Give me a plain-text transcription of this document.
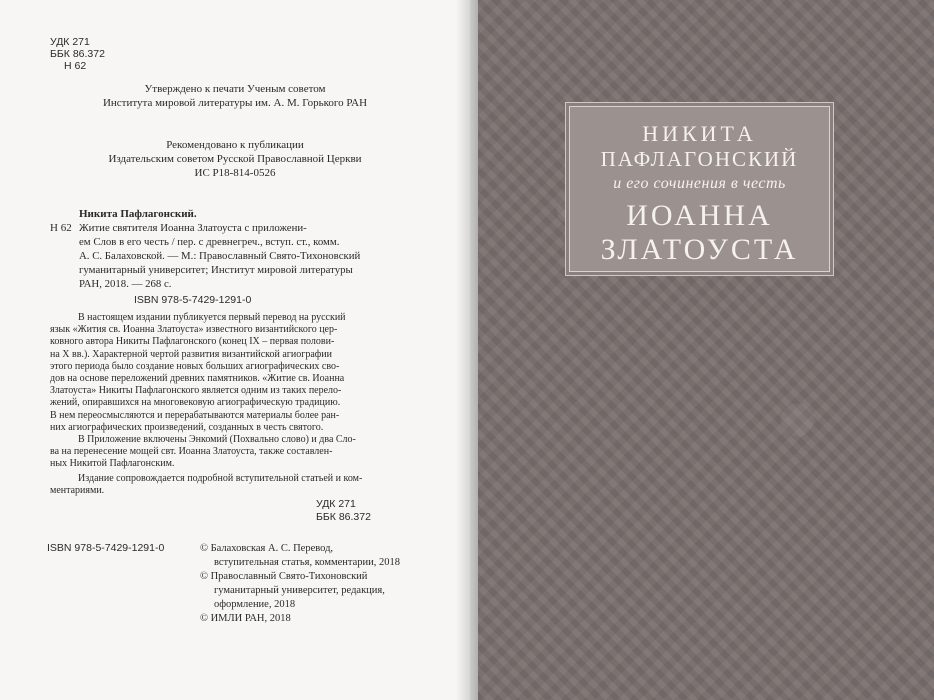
УДК 271
ББК 86.372
Н 62
Утверждено к печати Ученым советом
Института мировой литературы им. А. М. Горького РАН
Рекомендовано к публикации
Издательским советом Русской Православной Церкви
ИС Р18-814-0526
Никита Пафлагонский.
Н 62 Житие святителя Иоанна Златоуста с приложени-
ем Слов в его честь / пер. с древнегреч., вступ. ст., комм.
А. С. Балаховской. — М.: Православный Свято-Тихоновский
гуманитарный университет; Институт мировой литературы
РАН, 2018. — 268 с.
ISBN 978-5-7429-1291-0
В настоящем издании публикуется первый перевод на русский
язык «Жития св. Иоанна Златоуста» известного византийского цер-
ковного автора Никиты Пафлагонского (конец IX – первая полови-
на X вв.). Характерной чертой развития византийской агиографии
этого периода было создание новых больших агиографических сво-
дов на основе переложений древних памятников. «Житие св. Иоанна
Златоуста» Никиты Пафлагонского является одним из таких перело-
жений, опиравшихся на многовековую агиографическую традицию.
В нем переосмысляются и перерабатываются материалы более ран-
них агиографических произведений, созданных в честь святого.
В Приложение включены Энкомий (Похвально слово) и два Сло-
ва на перенесение мощей свт. Иоанна Златоуста, также составлен-
ных Никитой Пафлагонским.
Издание сопровождается подробной вступительной статьей и ком-
ментариями.
УДК 271
ББК 86.372
ISBN 978-5-7429-1291-0	© Балаховская А. С. Перевод,
вступительная статья, комментарии, 2018
© Православный Свято-Тихоновский
гуманитарный университет, редакция,
оформление, 2018
© ИМЛИ РАН, 2018
НИКИТА
ПАФЛАГОНСКИЙ
и его сочинения в честь
ИОАННА
ЗЛАТОУСТА
